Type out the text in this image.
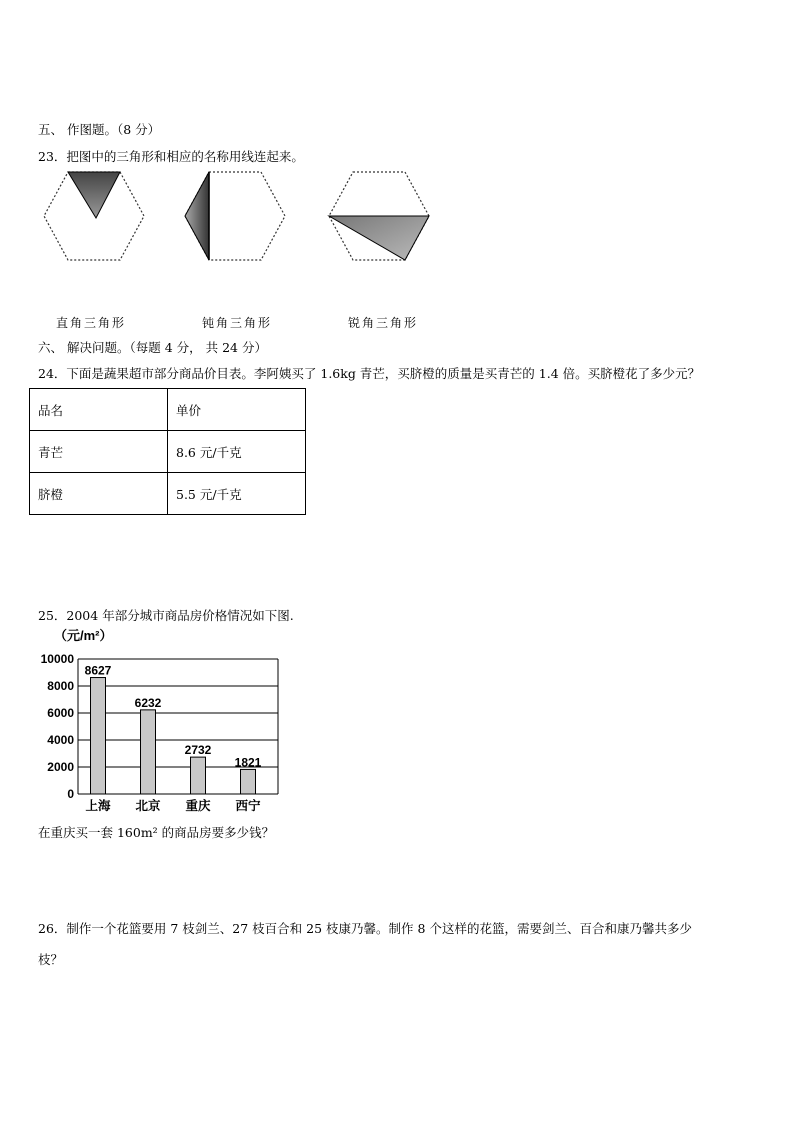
五、 作图题。（8 分）
23．把图中的三角形和相应的名称用线连起来。
直角三角形	钝角三角形	锐角三角形
六、 解决问题。（每题 4 分， 共 24 分）
24．下面是蔬果超市部分商品价目表。李阿姨买了 1.6kg 青芒，买脐橙的质量是买青芒的 1.4 倍。买脐橙花了多少元？
品名	单价
青芒	8.6 元/千克
脐橙	5.5 元/千克
25．2004 年部分城市商品房价格情况如下图.
0
2000
4000
6000
8000
10000
上海 北京 重庆 西宁
8627
6232
2732
1821
（元/m²）
在重庆买一套 160m² 的商品房要多少钱？
26．制作一个花篮要用 7 枝剑兰、27 枝百合和 25 枝康乃馨。制作 8 个这样的花篮，需要剑兰、百合和康乃馨共多少
枝？
